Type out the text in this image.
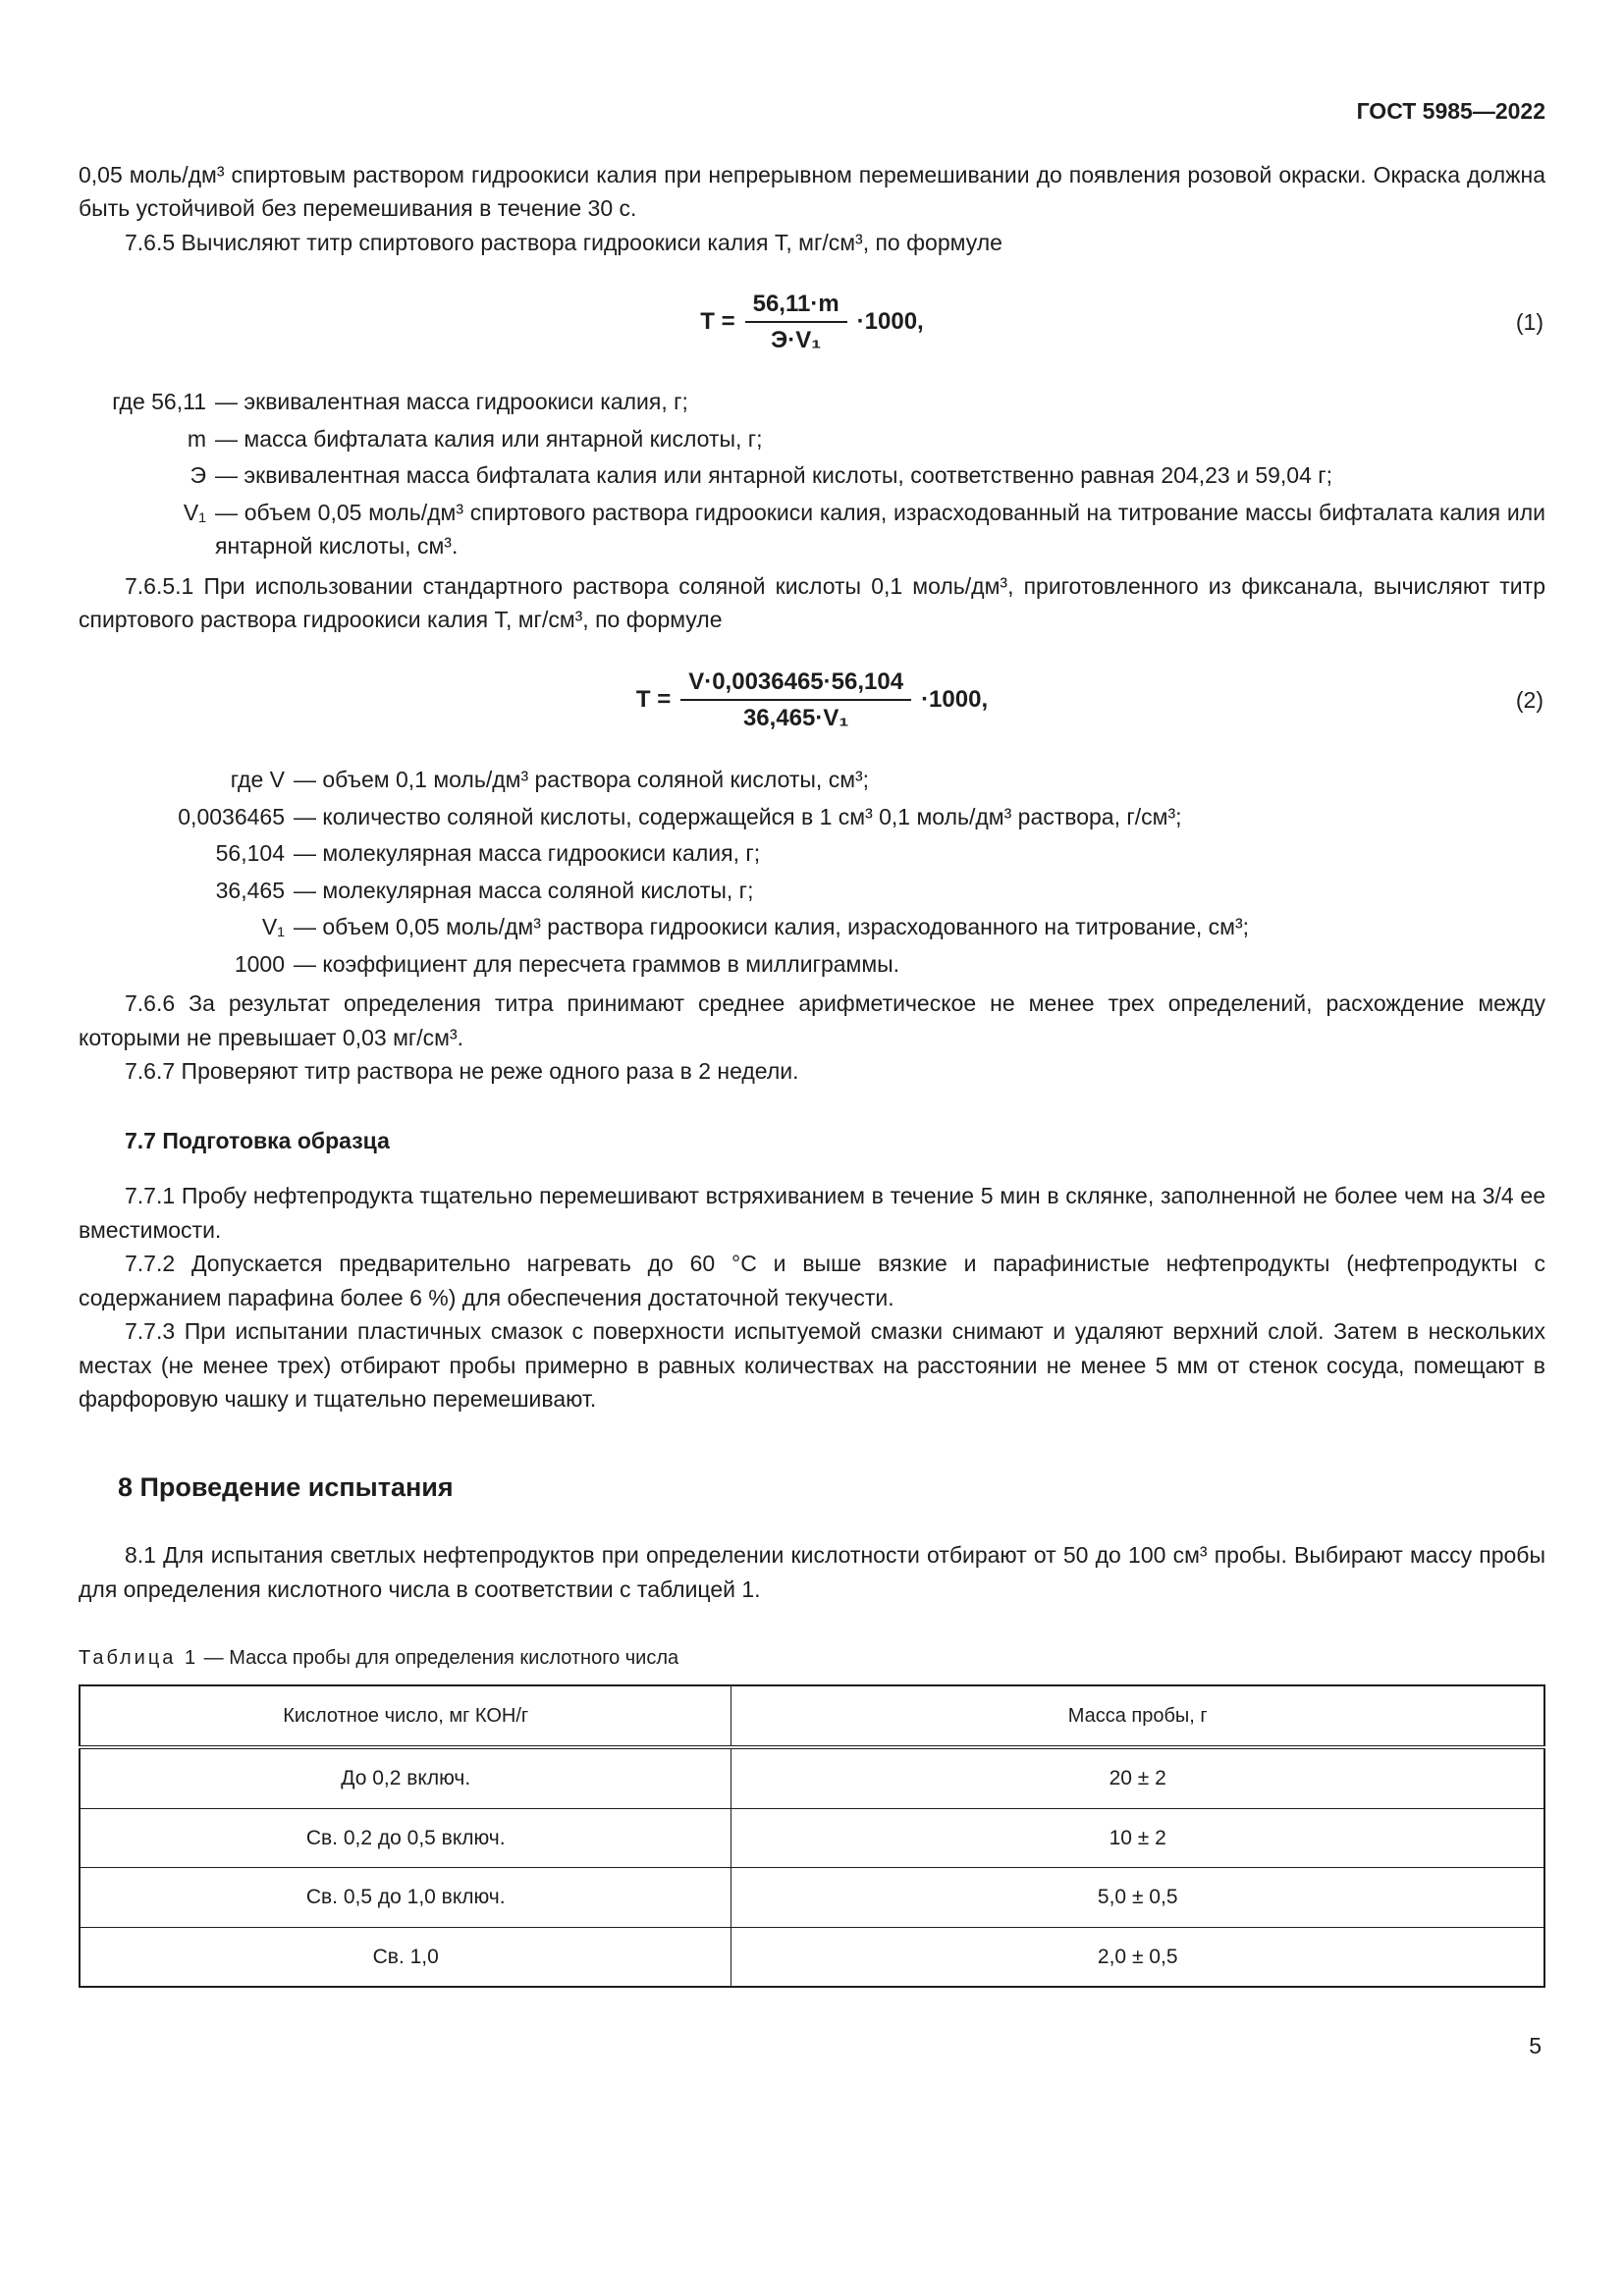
ГОСТ 5985—2022

0,05 моль/дм³ спиртовым раствором гидроокиси калия при непрерывном перемешивании до появления розовой окраски. Окраска должна быть устойчивой без перемешивания в течение 30 с.

7.6.5 Вычисляют титр спиртового раствора гидроокиси калия Т, мг/см³, по формуле

$Т = \frac{56,11\cdot m}{\text{Э·V₁}} \cdot 1000$,	(1)
где 56,11 — эквивалентная масса гидроокиси калия, г;
m — масса бифталата калия или янтарной кислоты, г;
Э — эквивалентная масса бифталата калия или янтарной кислоты, соответственно равная 204,23 и 59,04 г;
V₁ — объем 0,05 моль/дм³ спиртового раствора гидроокиси калия, израсходованный на титрование массы бифталата калия или янтарной кислоты, см³.

7.6.5.1 При использовании стандартного раствора соляной кислоты 0,1 моль/дм³, приготовленного из фиксанала, вычисляют титр спиртового раствора гидроокиси калия Т, мг/см³, по формуле

$Т = \frac{V\cdot 0,0036465\cdot 56,104}{\text{36,465·V₁}} \cdot 1000$,	(2)
где V — объем 0,1 моль/дм³ раствора соляной кислоты, см³;
0,0036465 — количество соляной кислоты, содержащейся в 1 см³ 0,1 моль/дм³ раствора, г/см³;
56,104 — молекулярная масса гидроокиси калия, г;
36,465 — молекулярная масса соляной кислоты, г;
V₁ — объем 0,05 моль/дм³ раствора гидроокиси калия, израсходованного на титрование, см³;
1000 — коэффициент для пересчета граммов в миллиграммы.

7.6.6 За результат определения титра принимают среднее арифметическое не менее трех определений, расхождение между которыми не превышает 0,03 мг/см³.

7.6.7 Проверяют титр раствора не реже одного раза в 2 недели.

7.7 Подготовка образца

7.7.1 Пробу нефтепродукта тщательно перемешивают встряхиванием в течение 5 мин в склянке, заполненной не более чем на 3/4 ее вместимости.

7.7.2 Допускается предварительно нагревать до 60 °С и выше вязкие и парафинистые нефтепродукты (нефтепродукты с содержанием парафина более 6 %) для обеспечения достаточной текучести.

7.7.3 При испытании пластичных смазок с поверхности испытуемой смазки снимают и удаляют верхний слой. Затем в нескольких местах (не менее трех) отбирают пробы примерно в равных количествах на расстоянии не менее 5 мм от стенок сосуда, помещают в фарфоровую чашку и тщательно перемешивают.

8 Проведение испытания

8.1 Для испытания светлых нефтепродуктов при определении кислотности отбирают от 50 до 100 см³ пробы. Выбирают массу пробы для определения кислотного числа в соответствии с таблицей 1.

Таблица 1 — Масса пробы для определения кислотного числа
Кислотное число, мг КОН/г	Масса пробы, г
До 0,2 включ.	20 ± 2
Св. 0,2 до 0,5 включ.	10 ± 2
Св. 0,5 до 1,0 включ.	5,0 ± 0,5
Св. 1,0	2,0 ± 0,5
5
